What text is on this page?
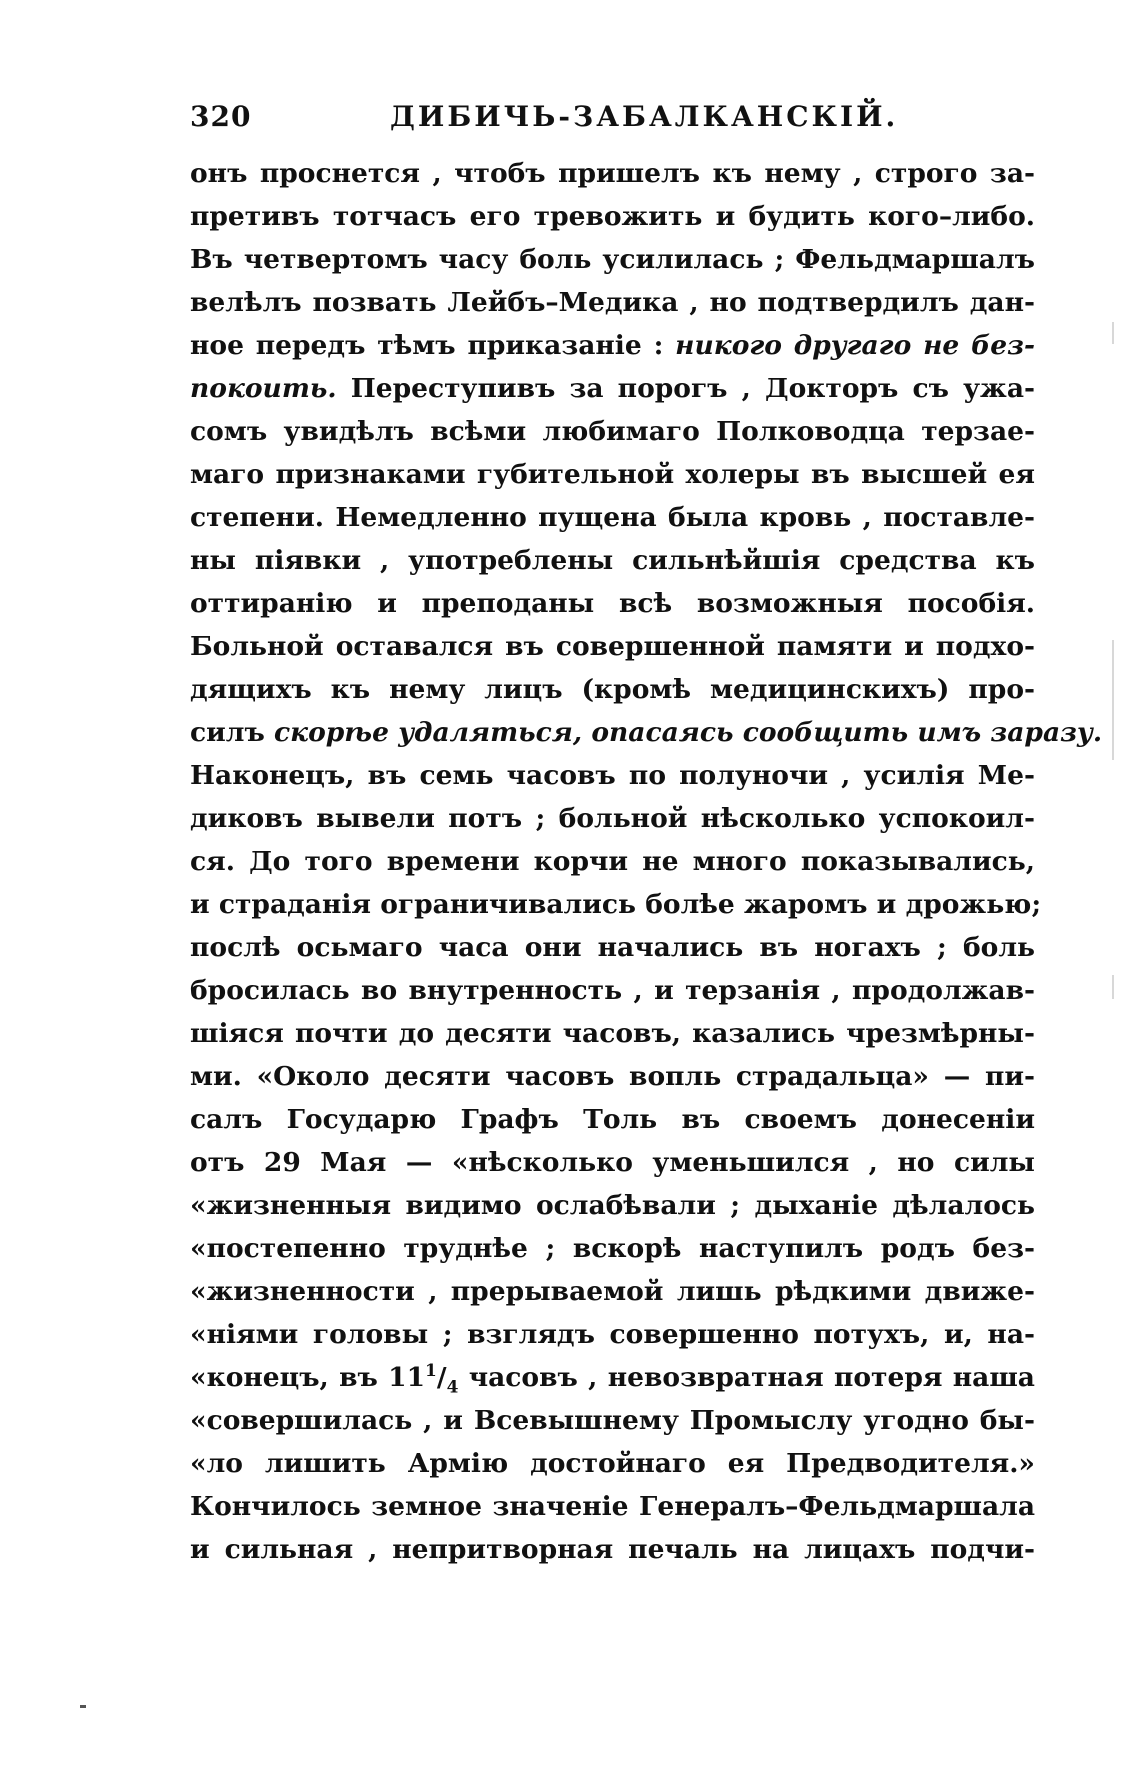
320	ДИБИЧЬ-ЗАБАЛКАНСКІЙ.
онъ проснется , чтобъ пришелъ къ нему , строго за-
претивъ тотчасъ его тревожить и будить кого–либо.
Въ четвертомъ часу боль усилилась ; Фельдмаршалъ
велѣлъ позвать Лейбъ–Медика , но подтвердилъ дан-
ное передъ тѣмъ приказаніе : никого другаго не без-
покоить. Переступивъ за порогъ , Докторъ съ ужа-
сомъ увидѣлъ всѣми любимаго Полководца терзае-
маго признаками губительной холеры въ высшей ея
степени. Немедленно пущена была кровь , поставле-
ны піявки , употреблены сильнѣйшія средства къ
оттиранію и преподаны всѣ возможныя пособія.
Больной оставался въ совершенной памяти и подхо-
дящихъ къ нему лицъ (кромѣ медицинскихъ) про-
силъ скорѣе удаляться, опасаясь сообщить имъ заразу.
Наконецъ, въ семь часовъ по полуночи , усилія Ме-
диковъ вывели потъ ; больной нѣсколько успокоил-
ся. До того времени корчи не много показывались,
и страданія ограничивались болѣе жаромъ и дрожью;
послѣ осьмаго часа они начались въ ногахъ ; боль
бросилась во внутренность , и терзанія , продолжав-
шіяся почти до десяти часовъ, казались чрезмѣрны-
ми. «Около десяти часовъ вопль страдальца» — пи-
салъ Государю Графъ Толь въ своемъ донесеніи
отъ 29 Мая — «нѣсколько уменьшился , но силы
«жизненныя видимо ослабѣвали ; дыханіе дѣлалось
«постепенно труднѣе ; вскорѣ наступилъ родъ без-
«жизненности , прерываемой лишь рѣдкими движе-
«ніями головы ; взглядъ совершенно потухъ, и, на-
«конецъ, въ $11^1/_4$ часовъ , невозвратная потеря наша
«совершилась , и Всевышнему Промыслу угодно бы-
«ло лишить Армію достойнаго ея Предводителя.»
Кончилось земное значеніе Генералъ–Фельдмаршала
и сильная , непритворная печаль на лицахъ подчи-
